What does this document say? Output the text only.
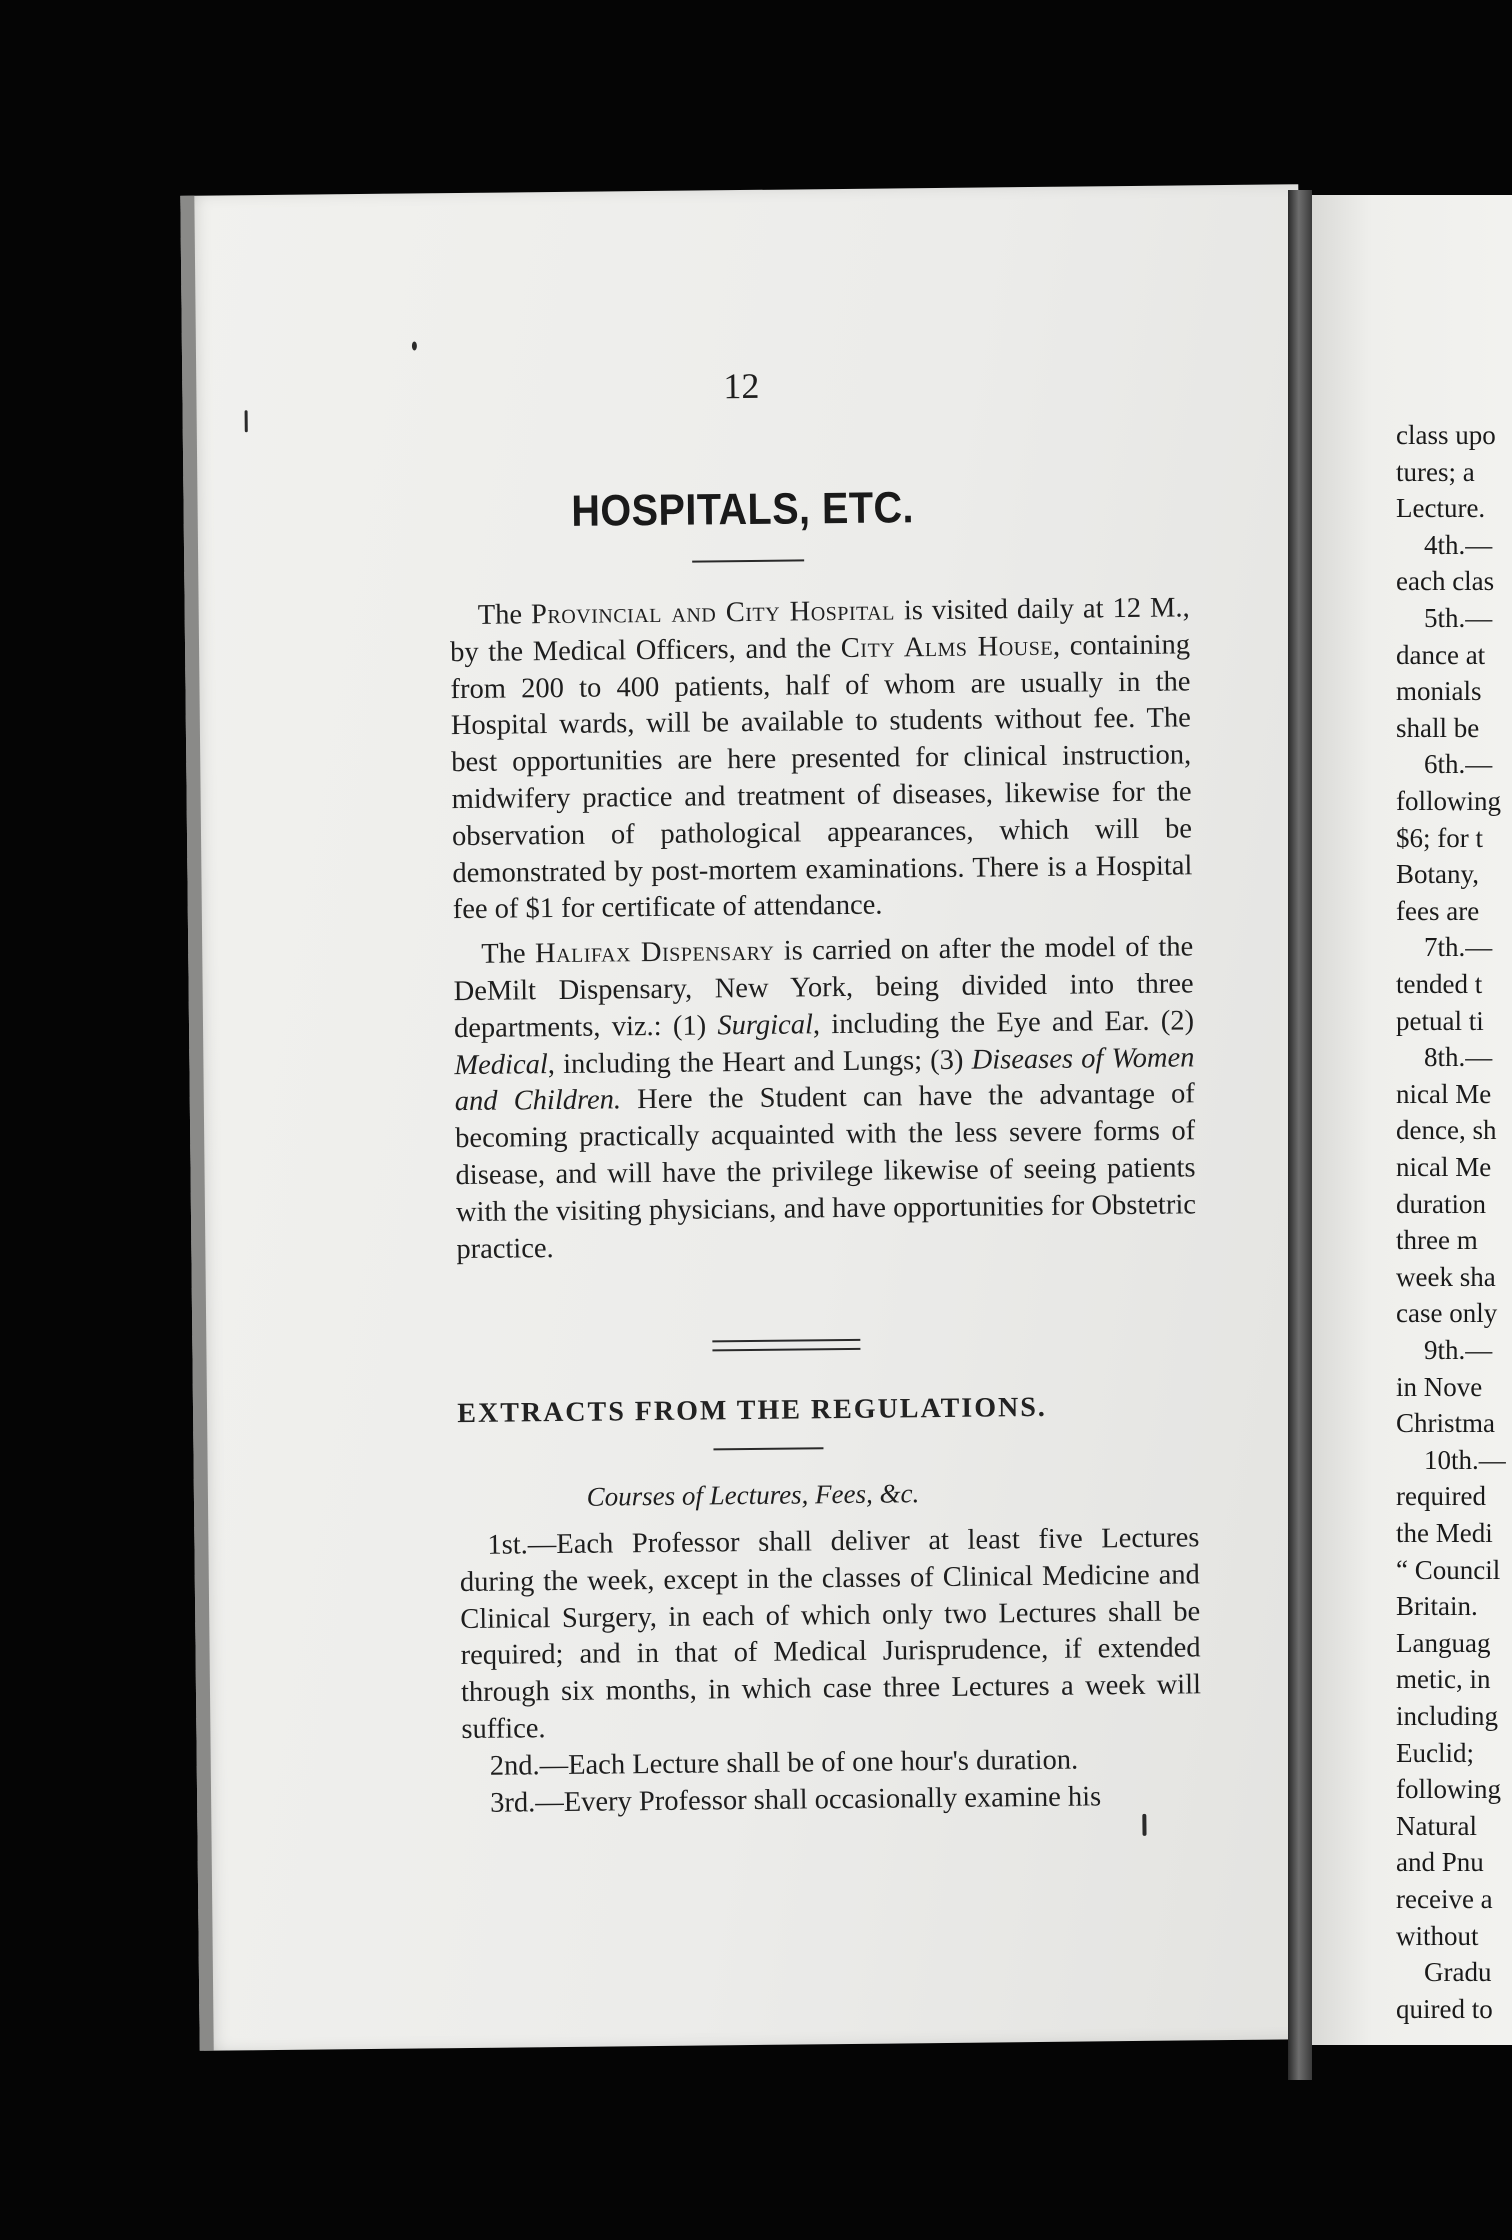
12
HOSPITALS, ETC.

The Provincial and City Hospital is visited daily at 12 M., by the Medical Officers, and the City Alms House, containing from 200 to 400 patients, half of whom are usually in the Hospital wards, will be available to students without fee. The best opportunities are here presented for clinical instruction, midwifery practice and treatment of diseases, likewise for the observation of pathological appearances, which will be demonstrated by post-mortem examinations. There is a Hospital fee of $1 for certificate of attendance.

The Halifax Dispensary is carried on after the model of the DeMilt Dispensary, New York, being divided into three departments, viz.: (1) Surgical, including the Eye and Ear. (2) Medical, including the Heart and Lungs; (3) Diseases of Women and Children. Here the Student can have the advantage of becoming practically acquainted with the less severe forms of disease, and will have the privilege likewise of seeing patients with the visiting physicians, and have opportunities for Obstetric practice.

EXTRACTS FROM THE REGULATIONS.
Courses of Lectures, Fees, &c.

1st.—Each Professor shall deliver at least five Lectures during the week, except in the classes of Clinical Medicine and Clinical Surgery, in each of which only two Lectures shall be required; and in that of Medical Jurisprudence, if extended through six months, in which case three Lectures a week will suffice.

2nd.—Each Lecture shall be of one hour's duration.

3rd.—Every Professor shall occasionally examine his

class upo
tures; a
Lecture.
4th.—
each clas
5th.—
dance at
monials
shall be
6th.—
following
$6; for t
Botany,
fees are
7th.—
tended t
petual ti
8th.—
nical Me
dence, sh
nical Me
duration
three m
week sha
case only
9th.—
in Nove
Christma
10th.—
required
the Medi
“ Council
Britain.
Languag
metic, in
including
Euclid;
following
Natural
and Pnu
receive a
without
Gradu
quired to
